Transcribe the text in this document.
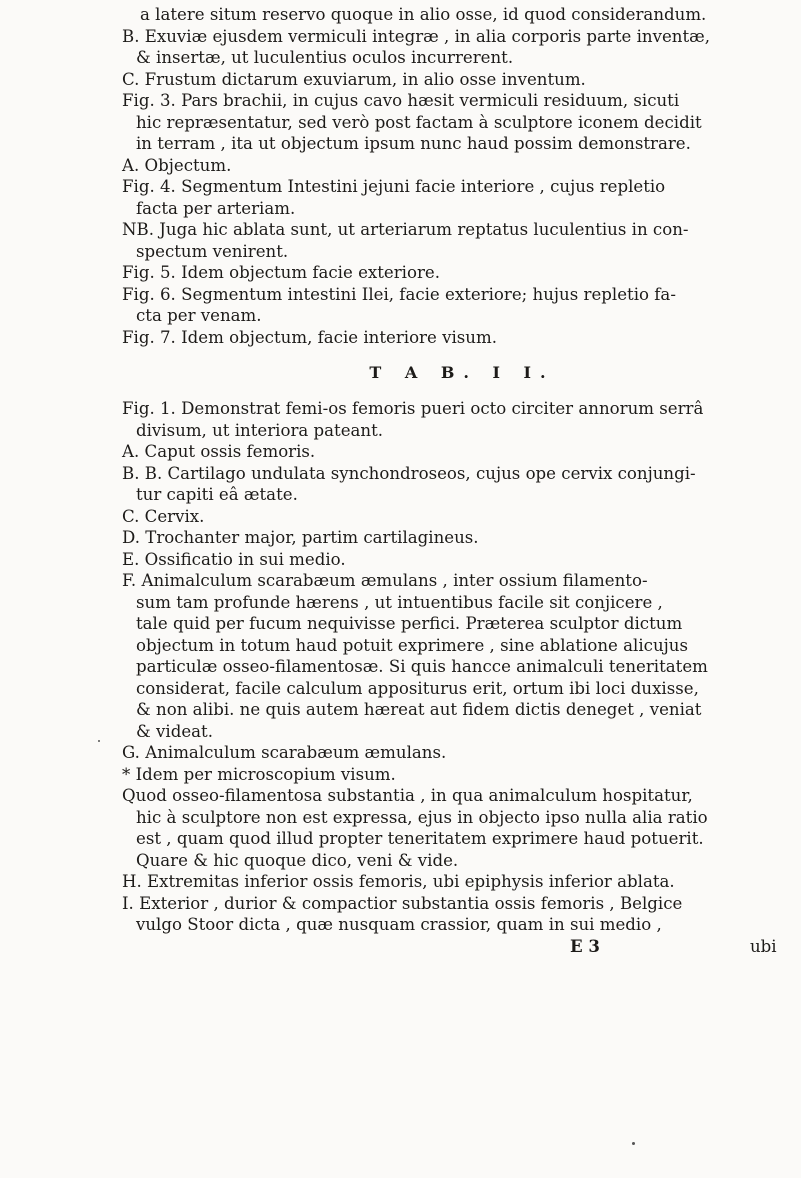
a latere situm reservo quoque in alio osse, id quod considerandum.
B. Exuviæ ejusdem vermiculi integræ , in alia corporis parte inventæ,
& insertæ, ut luculentius oculos incurrerent.
C. Frustum dictarum exuviarum, in alio osse inventum.
Fig. 3. Pars brachii, in cujus cavo hæsit vermiculi residuum, sicuti
hic repræsentatur, sed verò post factam à sculptore iconem decidit
in terram , ita ut objectum ipsum nunc haud possim demonstrare.
A. Objectum.
Fig. 4. Segmentum Intestini jejuni facie interiore , cujus repletio
facta per arteriam.
NB. Juga hic ablata sunt, ut arteriarum reptatus luculentius in con-
spectum venirent.
Fig. 5. Idem objectum facie exteriore.
Fig. 6. Segmentum intestini Ilei, facie exteriore; hujus repletio fa-
cta per venam.
Fig. 7. Idem objectum, facie interiore visum.
T A B. I I.
Fig. 1. Demonstrat femi-os femoris pueri octo circiter annorum serrâ
divisum, ut interiora pateant.
A. Caput ossis femoris.
B. B. Cartilago undulata synchondroseos, cujus ope cervix conjungi-
tur capiti eâ ætate.
C. Cervix.
D. Trochanter major, partim cartilagineus.
E. Ossificatio in sui medio.
F. Animalculum scarabæum æmulans , inter ossium filamento-
sum tam profunde hærens , ut intuentibus facile sit conjicere ,
tale quid per fucum nequivisse perfici. Præterea sculptor dictum
objectum in totum haud potuit exprimere , sine ablatione alicujus
particulæ osseo-filamentosæ. Si quis hancce animalculi teneritatem
considerat, facile calculum appositurus erit, ortum ibi loci duxisse,
& non alibi. ne quis autem hæreat aut fidem dictis deneget , veniat
& videat.
G. Animalculum scarabæum æmulans.
* Idem per microscopium visum.
Quod osseo-filamentosa substantia , in qua animalculum hospitatur,
hic à sculptore non est expressa, ejus in objecto ipso nulla alia ratio
est , quam quod illud propter teneritatem exprimere haud potuerit.
Quare & hic quoque dico, veni & vide.
H. Extremitas inferior ossis femoris, ubi epiphysis inferior ablata.
I. Exterior , durior & compactior substantia ossis femoris , Belgice
vulgo Stoor dicta , quæ nusquam crassior, quam in sui medio ,
E 3	ubi
